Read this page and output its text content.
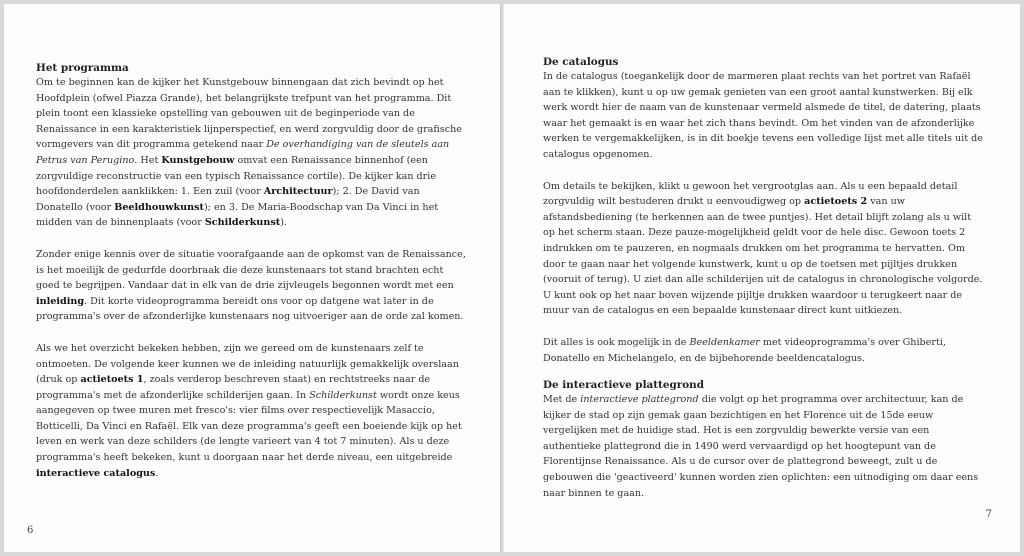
Het programma

Om te beginnen kan de kijker het Kunstgebouw binnengaan dat zich bevindt op het Hoofdplein (ofwel Piazza Grande), het belangrijkste trefpunt van het programma. Dit plein toont een klassieke opstelling van gebouwen uit de beginperiode van de Renaissance in een karakteristiek lijnperspectief, en werd zorgvuldig door de grafische vormgevers van dit programma getekend naar De overhandiging van de sleutels aan Petrus van Perugino. Het Kunstgebouw omvat een Renaissance binnenhof (een zorgvuldige reconstructie van een typisch Renaissance cortile). De kijker kan drie hoofdonderdelen aanklikken: 1. Een zuil (voor Architectuur); 2. De David van Donatello (voor Beeldhouwkunst); en 3. De Maria-Boodschap van Da Vinci in het midden van de binnenplaats (voor Schilderkunst).

Zonder enige kennis over de situatie voorafgaande aan de opkomst van de Renaissance, is het moeilijk de gedurfde doorbraak die deze kunstenaars tot stand brachten echt goed te begrijpen. Vandaar dat in elk van de drie zijvleugels begonnen wordt met een inleiding. Dit korte videoprogramma bereidt ons voor op datgene wat later in de programma's over de afzonderlijke kunstenaars nog uitvoeriger aan de orde zal komen.

Als we het overzicht bekeken hebben, zijn we gereed om de kunstenaars zelf te ontmoeten. De volgende keer kunnen we de inleiding natuurlijk gemakkelijk overslaan (druk op actietoets 1, zoals verderop beschreven staat) en rechtstreeks naar de programma's met de afzonderlijke schilderijen gaan. In Schilderkunst wordt onze keus aangegeven op twee muren met fresco's: vier films over respectievelijk Masaccio, Botticelli, Da Vinci en Rafaël. Elk van deze programma's geeft een boeiende kijk op het leven en werk van deze schilders (de lengte varieert van 4 tot 7 minuten). Als u deze programma's heeft bekeken, kunt u doorgaan naar het derde niveau, een uitgebreide interactieve catalogus.

6
De catalogus

In de catalogus (toegankelijk door de marmeren plaat rechts van het portret van Rafaël aan te klikken), kunt u op uw gemak genieten van een groot aantal kunstwerken. Bij elk werk wordt hier de naam van de kunstenaar vermeld alsmede de titel, de datering, plaats waar het gemaakt is en waar het zich thans bevindt. Om het vinden van de afzonderlijke werken te vergemakkelijken, is in dit boekje tevens een volledige lijst met alle titels uit de catalogus opgenomen.

Om details te bekijken, klikt u gewoon het vergrootglas aan. Als u een bepaald detail zorgvuldig wilt bestuderen drukt u eenvoudigweg op actietoets 2 van uw afstandsbediening (te herkennen aan de twee puntjes). Het detail blijft zolang als u wilt op het scherm staan. Deze pauze-mogelijkheid geldt voor de hele disc. Gewoon toets 2 indrukken om te pauzeren, en nogmaals drukken om het programma te hervatten. Om door te gaan naar het volgende kunstwerk, kunt u op de toetsen met pijltjes drukken (vooruit of terug). U ziet dan alle schilderijen uit de catalogus in chronologische volgorde. U kunt ook op het naar boven wijzende pijltje drukken waardoor u terugkeert naar de muur van de catalogus en een bepaalde kunstenaar direct kunt uitkiezen.

Dit alles is ook mogelijk in de Beeldenkamer met videoprogramma's over Ghiberti, Donatello en Michelangelo, en de bijbehorende beeldencatalogus.

De interactieve plattegrond

Met de interactieve plattegrond die volgt op het programma over architectuur, kan de kijker de stad op zijn gemak gaan bezichtigen en het Florence uit de 15de eeuw vergelijken met de huidige stad. Het is een zorgvuldig bewerkte versie van een authentieke plattegrond die in 1490 werd vervaardigd op het hoogtepunt van de Florentijnse Renaissance. Als u de cursor over de plattegrond beweegt, zult u de gebouwen die 'geactiveerd' kunnen worden zien oplichten: een uitnodiging om daar eens naar binnen te gaan.

7
